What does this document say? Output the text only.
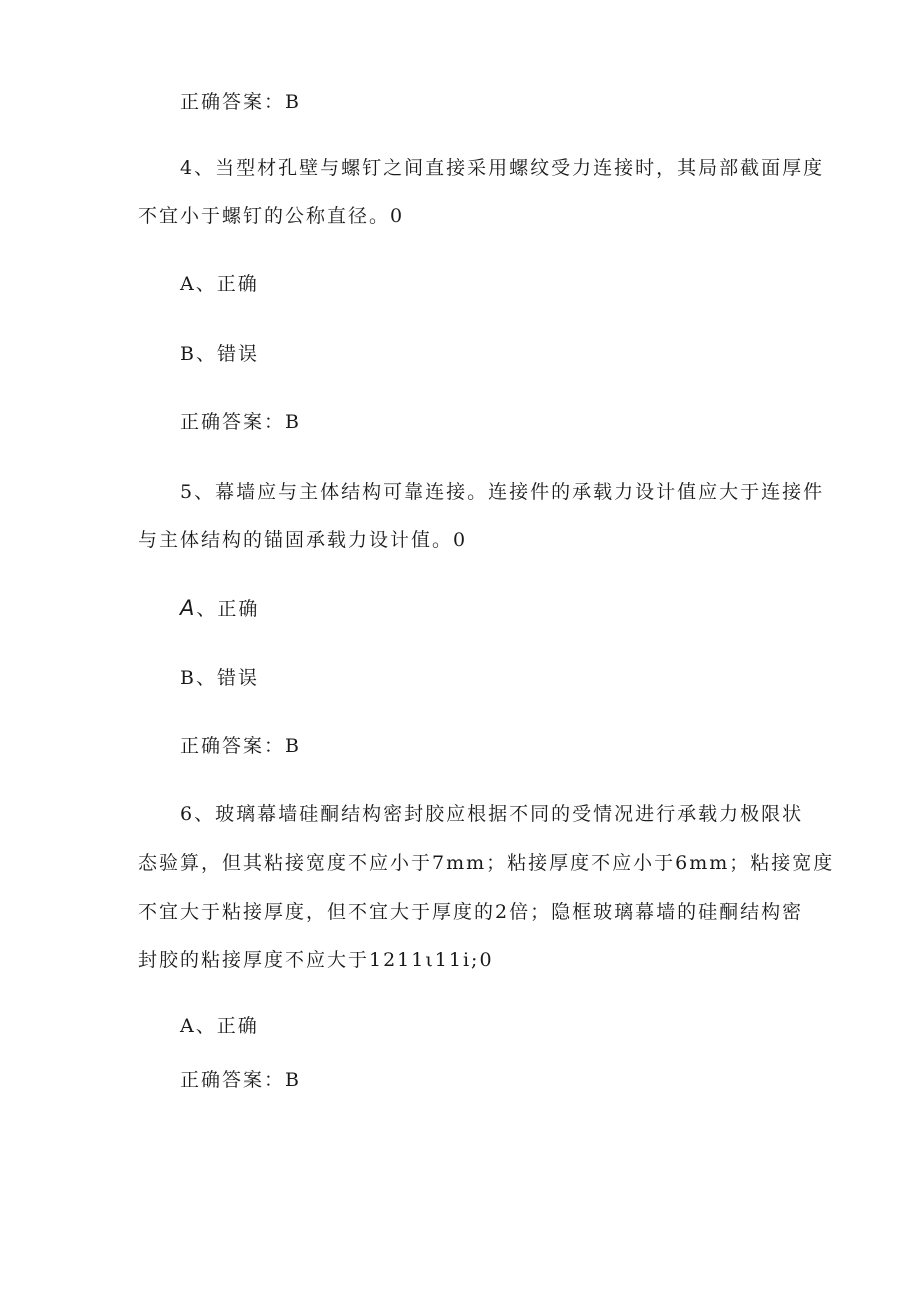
正确答案：B
4、当型材孔壁与螺钉之间直接采用螺纹受力连接时，其局部截面厚度
不宜小于螺钉的公称直径。0
A、正确
B、错误
正确答案：B
5、幕墙应与主体结构可靠连接。连接件的承载力设计值应大于连接件
与主体结构的锚固承载力设计值。0
A、正确
B、错误
正确答案：B
6、玻璃幕墙硅酮结构密封胶应根据不同的受情况进行承载力极限状
态验算，但其粘接宽度不应小于7mm；粘接厚度不应小于6mm；粘接宽度
不宜大于粘接厚度，但不宜大于厚度的2倍；隐框玻璃幕墙的硅酮结构密
封胶的粘接厚度不应大于1211ι11i;0
A、正确
正确答案：B
